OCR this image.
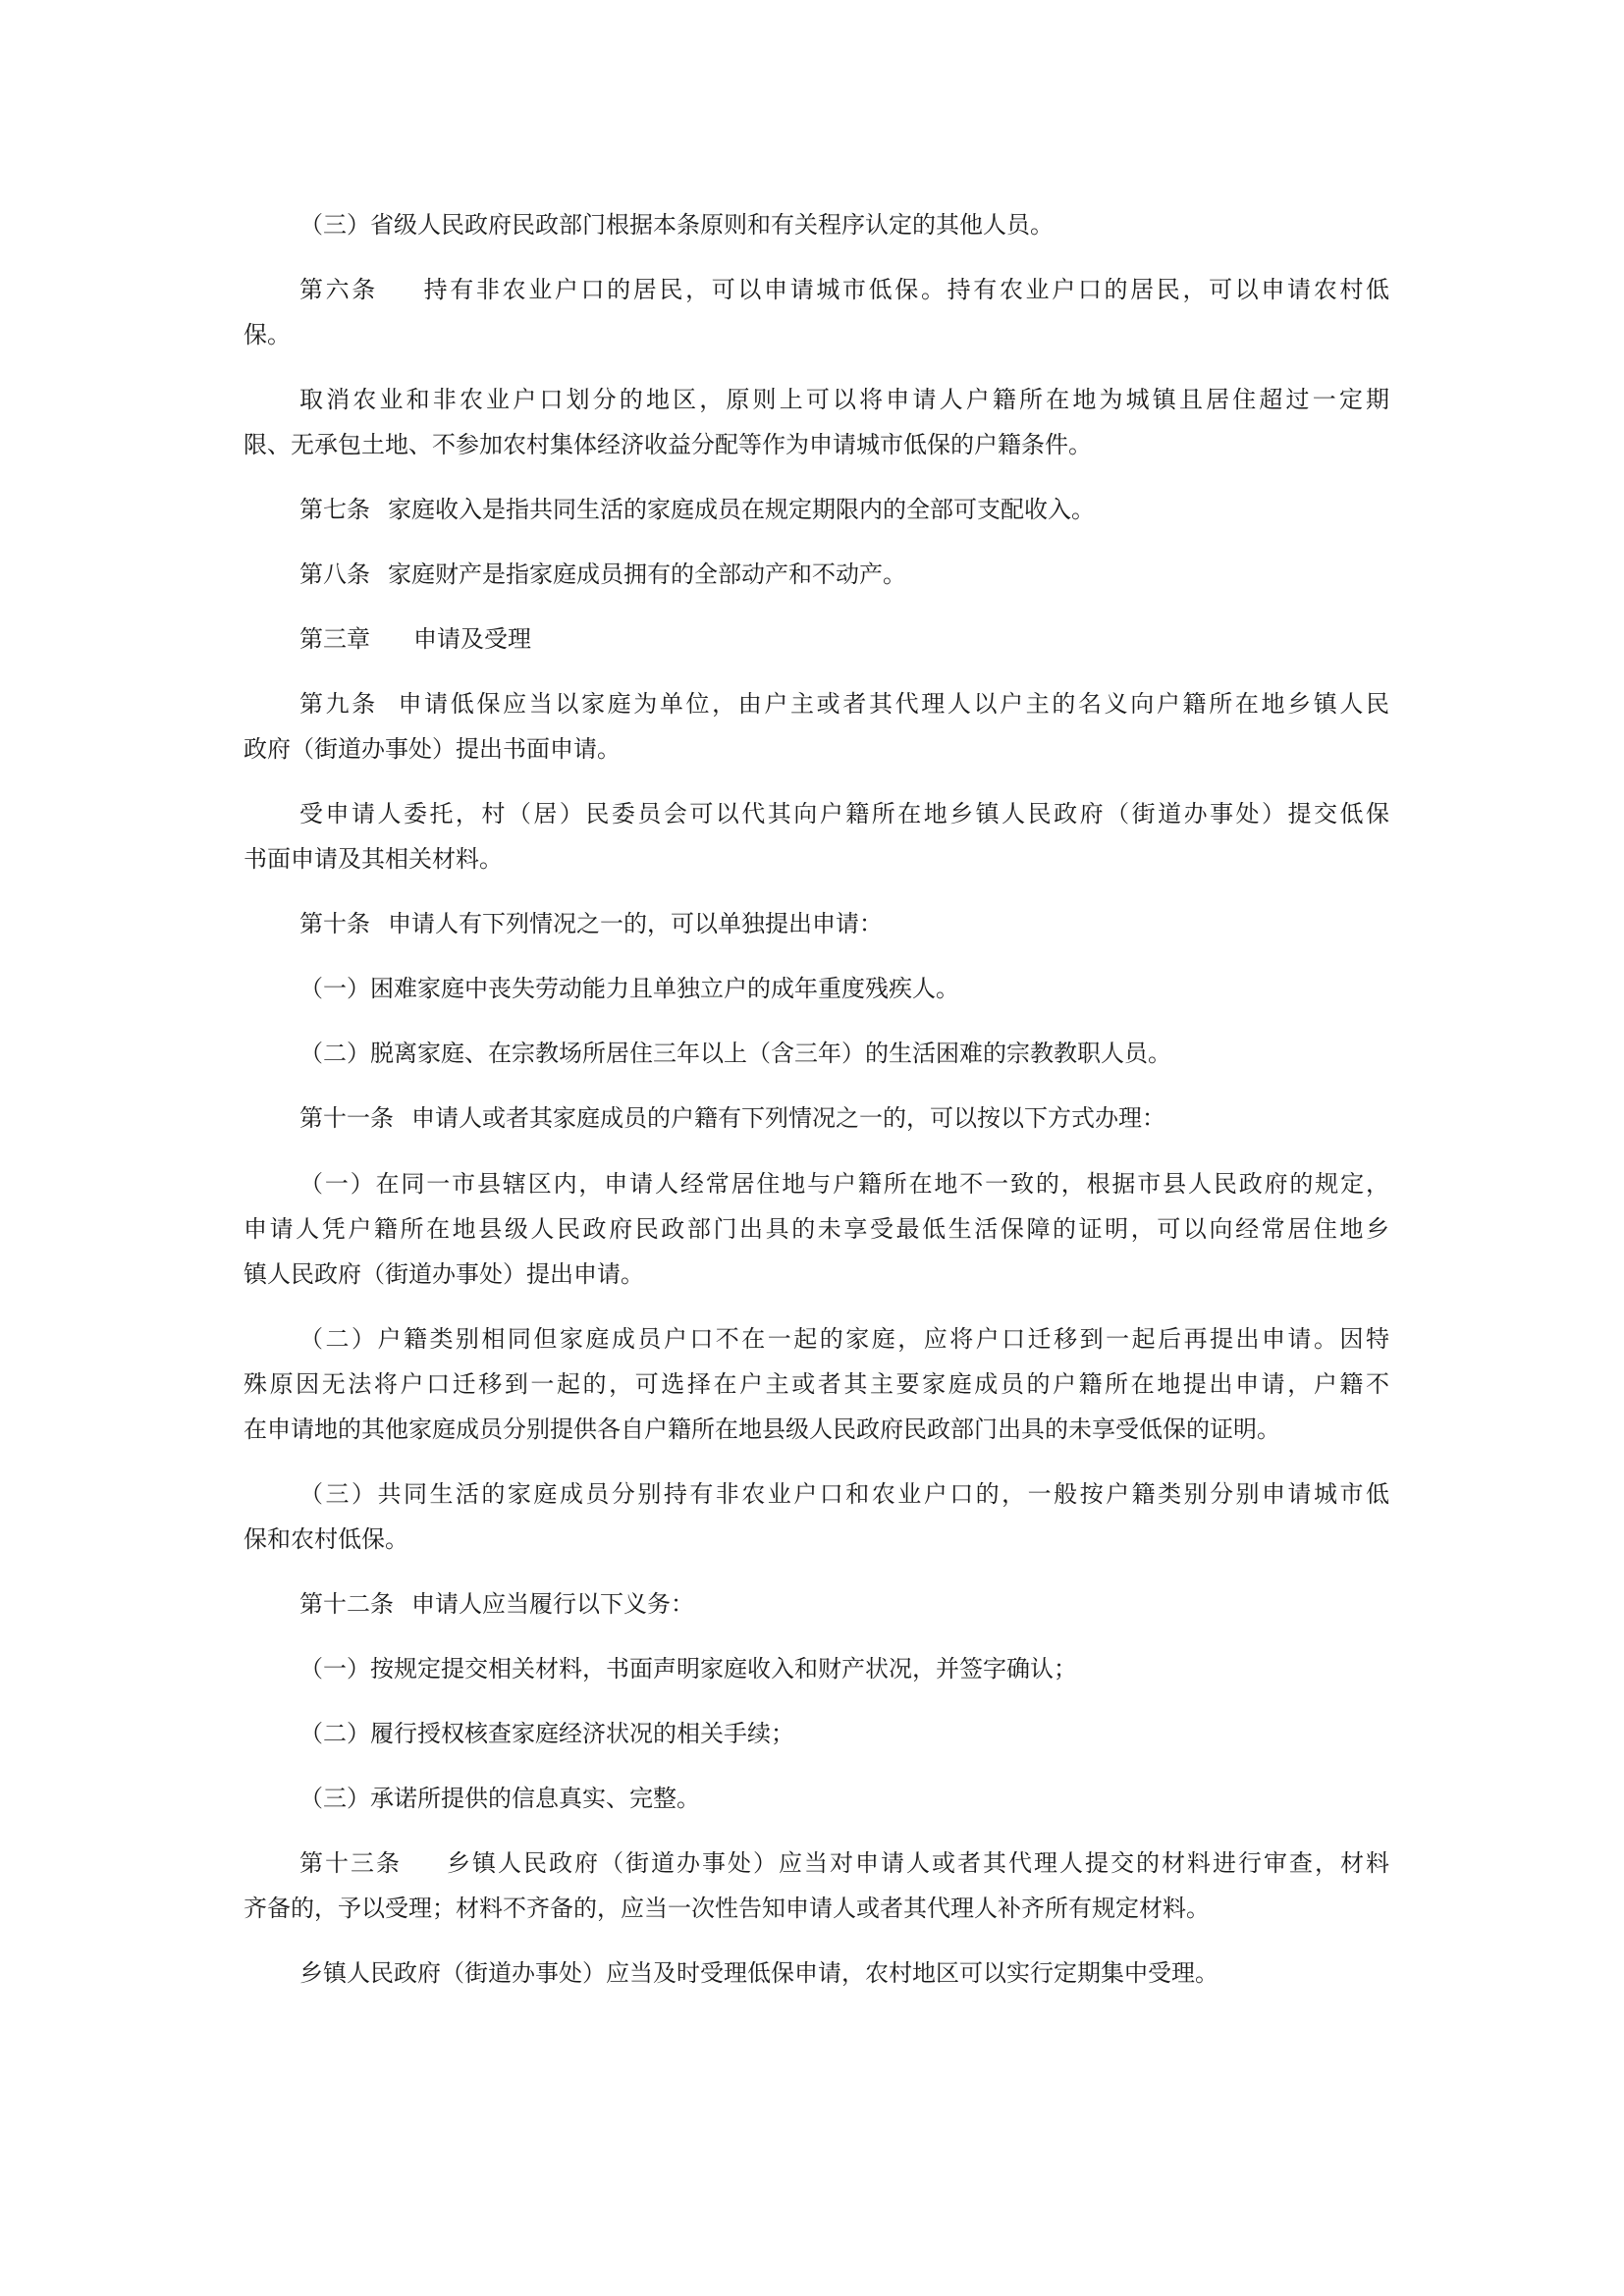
（三）省级人民政府民政部门根据本条原则和有关程序认定的其他人员。

第六条 持有非农业户口的居民，可以申请城市低保。持有农业户口的居民，可以申请农村低
保。

取消农业和非农业户口划分的地区，原则上可以将申请人户籍所在地为城镇且居住超过一定期
限、无承包土地、不参加农村集体经济收益分配等作为申请城市低保的户籍条件。

第七条 家庭收入是指共同生活的家庭成员在规定期限内的全部可支配收入。

第八条 家庭财产是指家庭成员拥有的全部动产和不动产。

第三章 申请及受理

第九条 申请低保应当以家庭为单位，由户主或者其代理人以户主的名义向户籍所在地乡镇人民
政府（街道办事处）提出书面申请。

受申请人委托，村（居）民委员会可以代其向户籍所在地乡镇人民政府（街道办事处）提交低保
书面申请及其相关材料。

第十条 申请人有下列情况之一的，可以单独提出申请：

（一）困难家庭中丧失劳动能力且单独立户的成年重度残疾人。

（二）脱离家庭、在宗教场所居住三年以上（含三年）的生活困难的宗教教职人员。

第十一条 申请人或者其家庭成员的户籍有下列情况之一的，可以按以下方式办理：

（一）在同一市县辖区内，申请人经常居住地与户籍所在地不一致的，根据市县人民政府的规定，
申请人凭户籍所在地县级人民政府民政部门出具的未享受最低生活保障的证明，可以向经常居住地乡
镇人民政府（街道办事处）提出申请。

（二）户籍类别相同但家庭成员户口不在一起的家庭，应将户口迁移到一起后再提出申请。因特
殊原因无法将户口迁移到一起的，可选择在户主或者其主要家庭成员的户籍所在地提出申请，户籍不
在申请地的其他家庭成员分别提供各自户籍所在地县级人民政府民政部门出具的未享受低保的证明。

（三）共同生活的家庭成员分别持有非农业户口和农业户口的，一般按户籍类别分别申请城市低
保和农村低保。

第十二条 申请人应当履行以下义务：

（一）按规定提交相关材料，书面声明家庭收入和财产状况，并签字确认；

（二）履行授权核查家庭经济状况的相关手续；

（三）承诺所提供的信息真实、完整。

第十三条 乡镇人民政府（街道办事处）应当对申请人或者其代理人提交的材料进行审查，材料
齐备的，予以受理；材料不齐备的，应当一次性告知申请人或者其代理人补齐所有规定材料。

乡镇人民政府（街道办事处）应当及时受理低保申请，农村地区可以实行定期集中受理。
